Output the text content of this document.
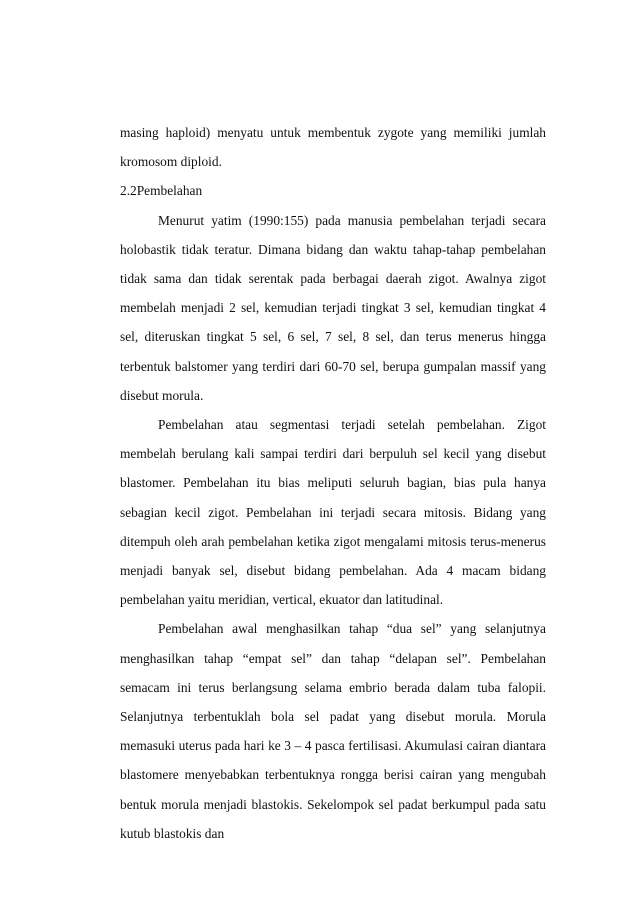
masing haploid) menyatu untuk membentuk zygote yang memiliki jumlah kromosom diploid.

2.2Pembelahan

Menurut yatim (1990:155) pada manusia pembelahan terjadi secara holobastik tidak teratur. Dimana bidang dan waktu tahap-tahap pembelahan tidak sama dan tidak serentak pada berbagai daerah zigot. Awalnya zigot membelah menjadi 2 sel, kemudian terjadi tingkat 3 sel, kemudian tingkat 4 sel, diteruskan tingkat 5 sel, 6 sel, 7 sel, 8 sel, dan terus menerus hingga terbentuk balstomer yang terdiri dari 60-70 sel, berupa gumpalan massif yang disebut morula.

Pembelahan atau segmentasi terjadi setelah pembelahan. Zigot membelah berulang kali sampai terdiri dari berpuluh sel kecil yang disebut blastomer. Pembelahan itu bias meliputi seluruh bagian, bias pula hanya sebagian kecil zigot. Pembelahan ini terjadi secara mitosis. Bidang yang ditempuh oleh arah pembelahan ketika zigot mengalami mitosis terus-menerus menjadi banyak sel, disebut bidang pembelahan. Ada 4 macam bidang pembelahan yaitu meridian, vertical, ekuator dan latitudinal.

Pembelahan awal menghasilkan tahap “dua sel” yang selanjutnya menghasilkan tahap “empat sel” dan tahap “delapan sel”. Pembelahan semacam ini terus berlangsung selama embrio berada dalam tuba falopii. Selanjutnya terbentuklah bola sel padat yang disebut morula. Morula memasuki uterus pada hari ke 3 – 4 pasca fertilisasi. Akumulasi cairan diantara blastomere menyebabkan terbentuknya rongga berisi cairan yang mengubah bentuk morula menjadi blastokis. Sekelompok sel padat berkumpul pada satu kutub blastokis dan
